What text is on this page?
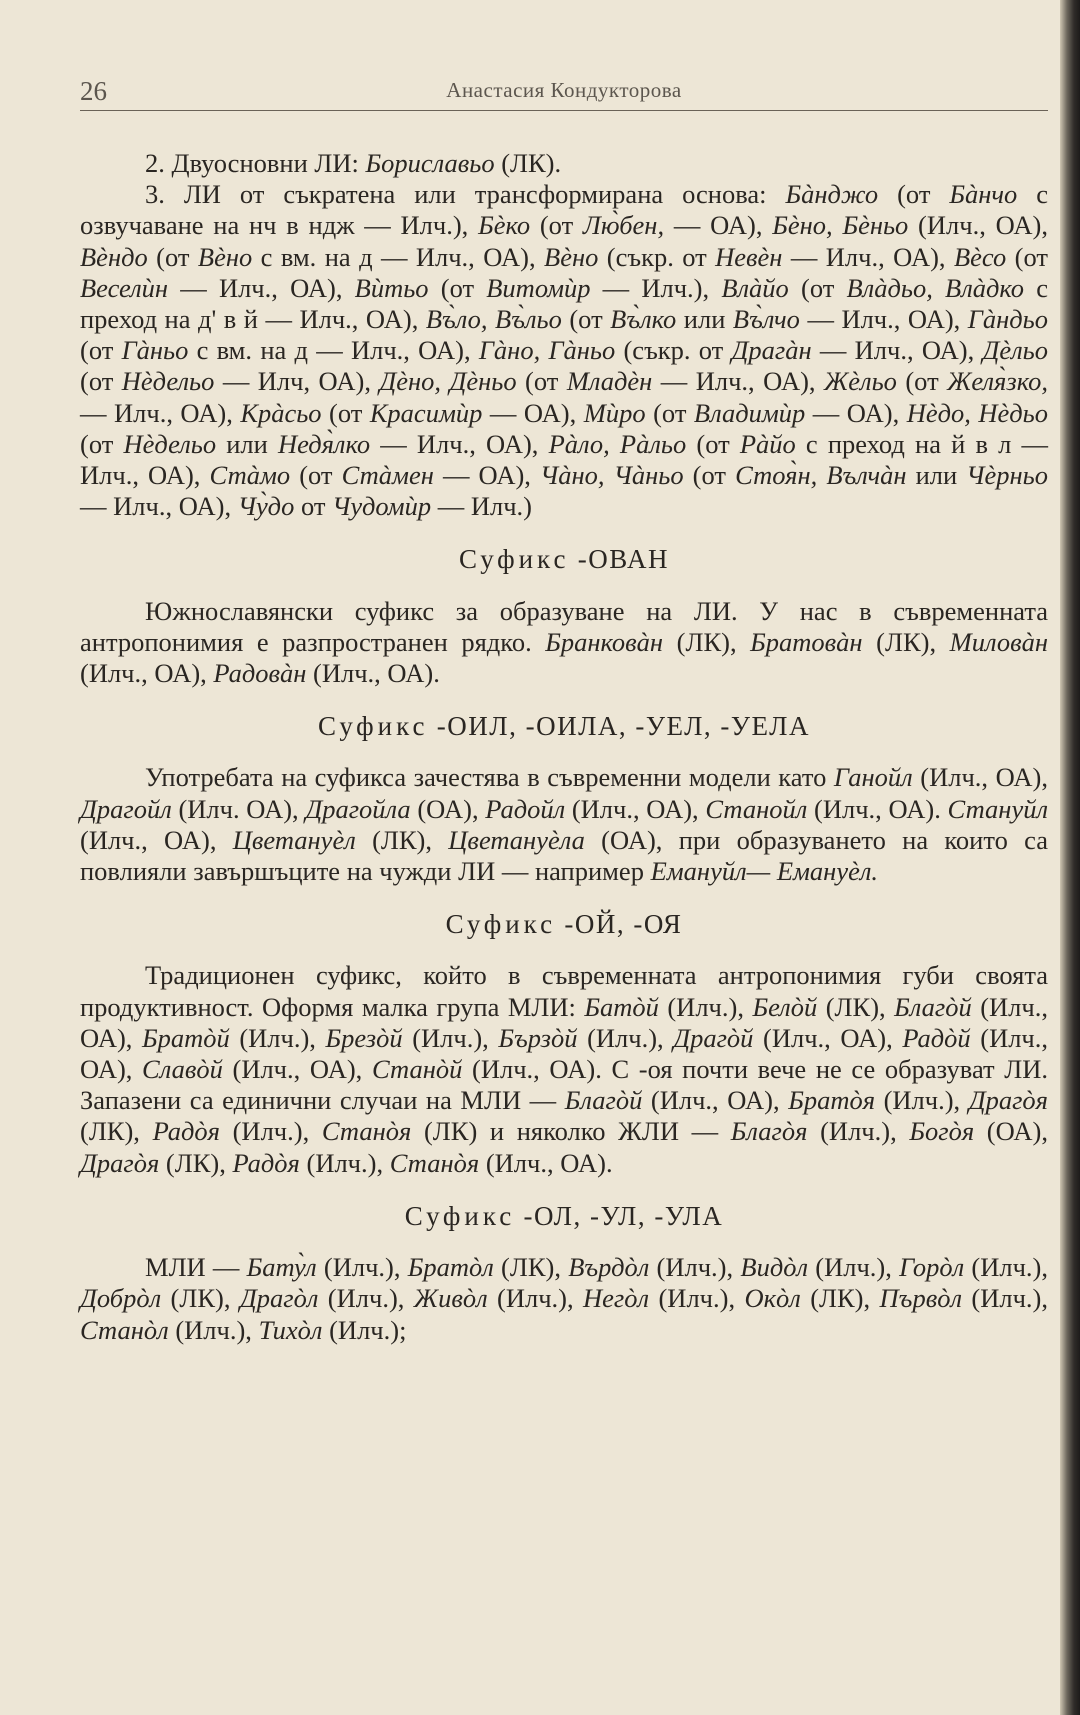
26	Анастасия Кондукторова

2. Двуосновни ЛИ: Бориславьо (ЛК).

3. ЛИ от съкратена или трансформирана основа: Бàнджо (от Бàнчо с озвучаване на нч в ндж — Илч.), Бѐко (от Лю̀бен, — ОА), Бѐно, Бѐньо (Илч., ОА), Вѐндо (от Вѐно с вм. на д — Илч., ОА), Вѐно (съкр. от Невѐн — Илч., ОА), Вѐсо (от Веселѝн — Илч., ОА), Вѝтьо (от Витомѝр — Илч.), Влàйо (от Влàдьо, Влàдко с преход на д' в й — Илч., ОА), Въ̀ло, Въ̀льо (от Въ̀лко или Въ̀лчо — Илч., ОА), Гàндьо (от Гàньо с вм. на д — Илч., ОА), Гàно, Гàньо (съкр. от Драгàн — Илч., ОА), Дѐльо (от Нѐдельо — Илч, ОА), Дѐно, Дѐньо (от Младѐн — Илч., ОА), Жѐльо (от Желя̀зко, — Илч., ОА), Крàсьо (от Красимѝр — ОА), Мѝро (от Владимѝр — ОА), Нѐдо, Нѐдьо (от Нѐдельо или Недя̀лко — Илч., ОА), Рàло, Рàльо (от Рàйо с преход на й в л — Илч., ОА), Стàмо (от Стàмен — ОА), Чàно, Чàньо (от Стоя̀н, Вълчàн или Чѐрньо — Илч., ОА), Чу̀до от Чудомѝр — Илч.)

Суфикс -ОВАН

Южнославянски суфикс за образуване на ЛИ. У нас в съвременната антропонимия е разпространен рядко. Бранковàн (ЛК), Братовàн (ЛК), Миловàн (Илч., ОА), Радовàн (Илч., ОА).

Суфикс -ОИЛ, -ОИЛА, -УЕЛ, -УЕЛА

Употребата на суфикса зачестява в съвременни модели като Ганойл (Илч., ОА), Драгойл (Илч. ОА), Драгойла (ОА), Радойл (Илч., ОА), Станойл (Илч., ОА). Стануйл (Илч., ОА), Цветануѐл (ЛК), Цветануѐла (ОА), при образуването на които са повлияли завършъците на чужди ЛИ — например Емануйл— Емануѐл.

Суфикс -ОЙ, -ОЯ

Традиционен суфикс, който в съвременната антропонимия губи своята продуктивност. Оформя малка група МЛИ: Батòй (Илч.), Белòй (ЛК), Благòй (Илч., ОА), Братòй (Илч.), Брезòй (Илч.), Бързòй (Илч.), Драгòй (Илч., ОА), Радòй (Илч., ОА), Славòй (Илч., ОА), Станòй (Илч., ОА). С -оя почти вече не се образуват ЛИ. Запазени са единични случаи на МЛИ — Благòй (Илч., ОА), Братòя (Илч.), Драгòя (ЛК), Радòя (Илч.), Станòя (ЛК) и няколко ЖЛИ — Благòя (Илч.), Богòя (ОА), Драгòя (ЛК), Радòя (Илч.), Станòя (Илч., ОА).

Суфикс -ОЛ, -УЛ, -УЛА

МЛИ — Бату̀л (Илч.), Братòл (ЛК), Върдòл (Илч.), Видòл (Илч.), Горòл (Илч.), Добрòл (ЛК), Драгòл (Илч.), Живòл (Илч.), Негòл (Илч.), Окòл (ЛК), Първòл (Илч.), Станòл (Илч.), Тихòл (Илч.);
